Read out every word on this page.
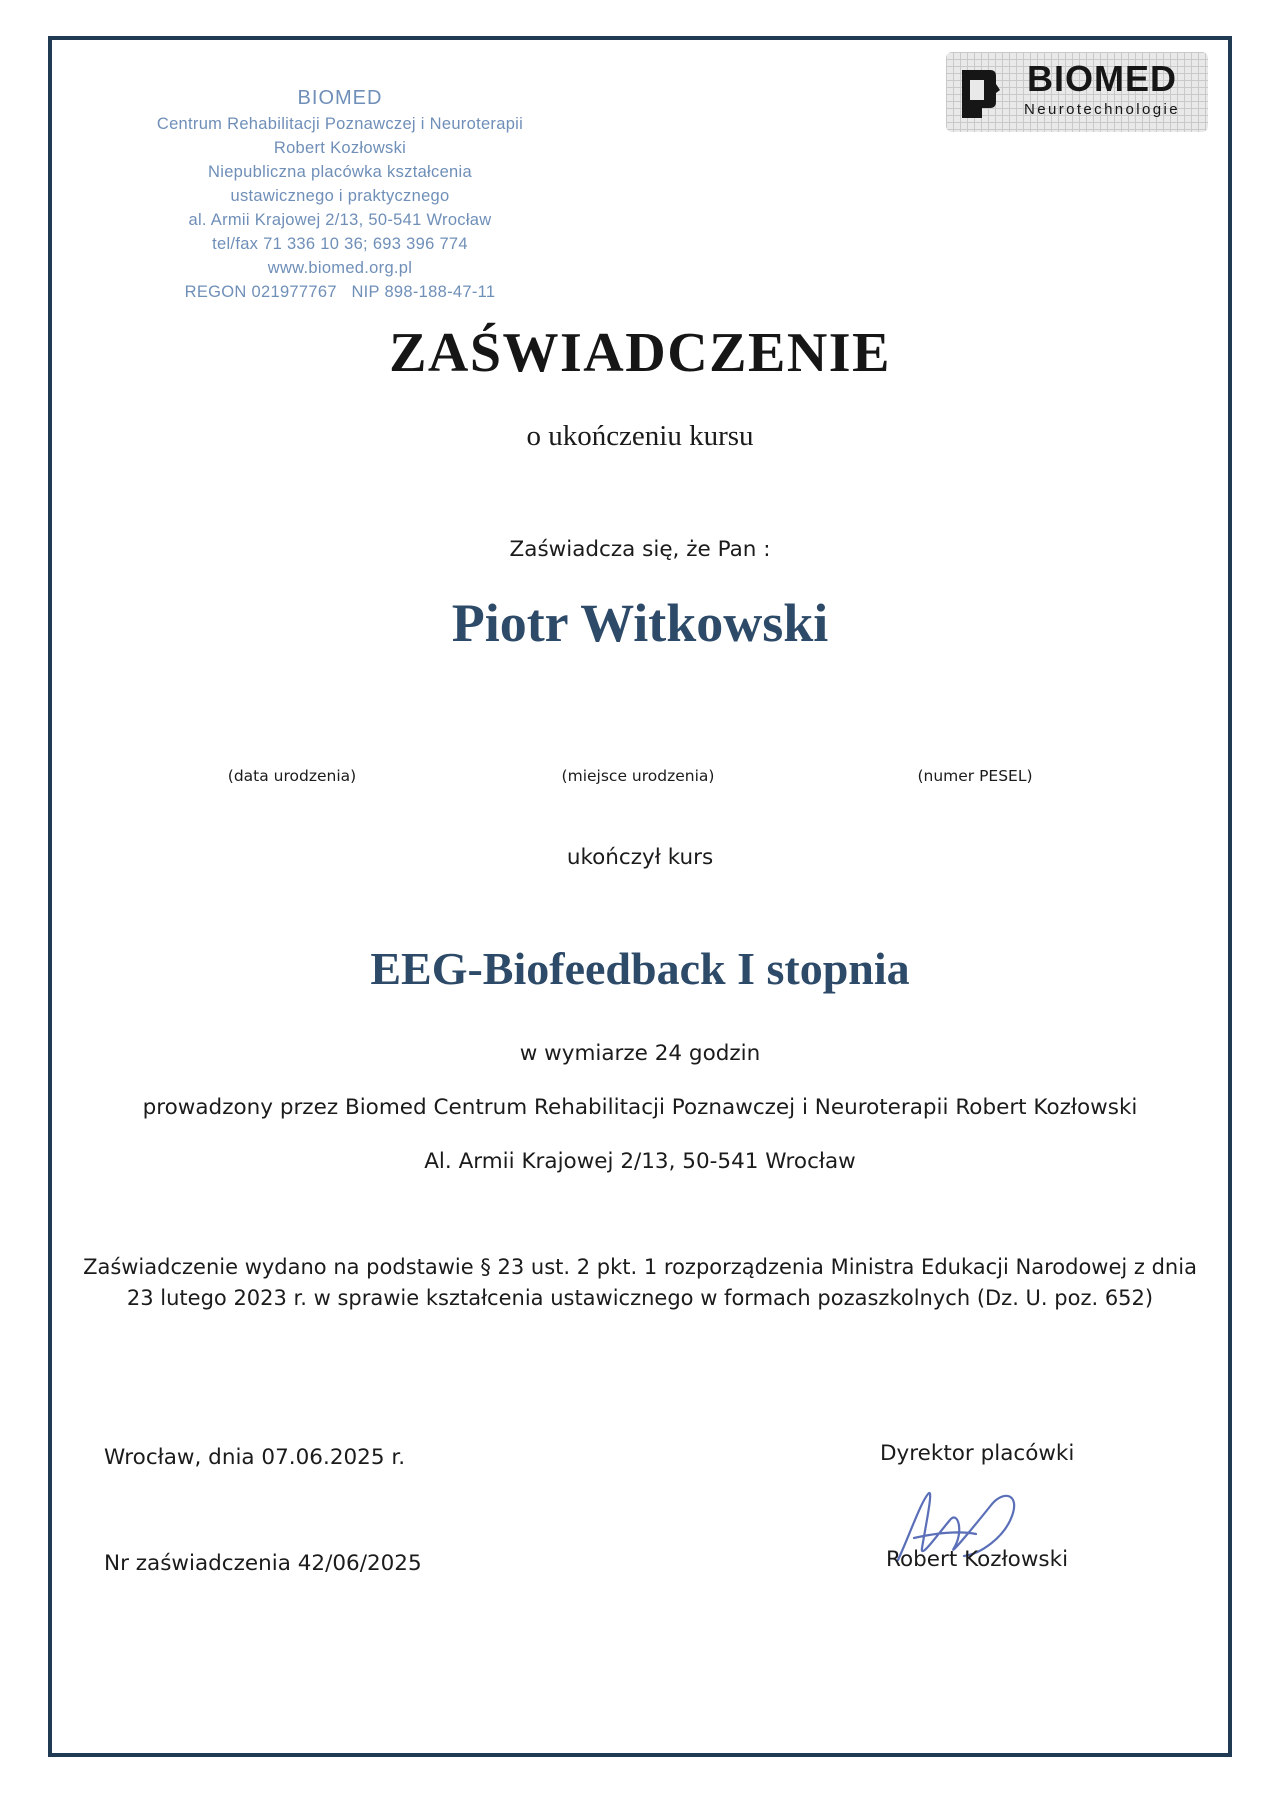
BIOMED
Centrum Rehabilitacji Poznawczej i Neuroterapii
Robert Kozłowski
Niepubliczna placówka kształcenia
ustawicznego i praktycznego
al. Armii Krajowej 2/13, 50-541 Wrocław
tel/fax 71 336 10 36; 693 396 774
www.biomed.org.pl
REGON 021977767   NIP 898-188-47-11
BIOMED
Neurotechnologie
ZAŚWIADCZENIE
o ukończeniu kursu
Zaświadcza się, że Pan :
Piotr Witkowski
(data urodzenia)	(miejsce urodzenia)	(numer PESEL)
ukończył kurs
EEG-Biofeedback I stopnia
w wymiarze 24 godzin
prowadzony przez Biomed Centrum Rehabilitacji Poznawczej i Neuroterapii Robert Kozłowski
Al. Armii Krajowej 2/13, 50-541 Wrocław
Zaświadczenie wydano na podstawie § 23 ust. 2 pkt. 1 rozporządzenia Ministra Edukacji Narodowej z dnia
23 lutego 2023 r. w sprawie kształcenia ustawicznego w formach pozaszkolnych (Dz. U. poz. 652)
Wrocław, dnia 07.06.2025 r.
Nr zaświadczenia 42/06/2025
Dyrektor placówki
Robert Kozłowski
